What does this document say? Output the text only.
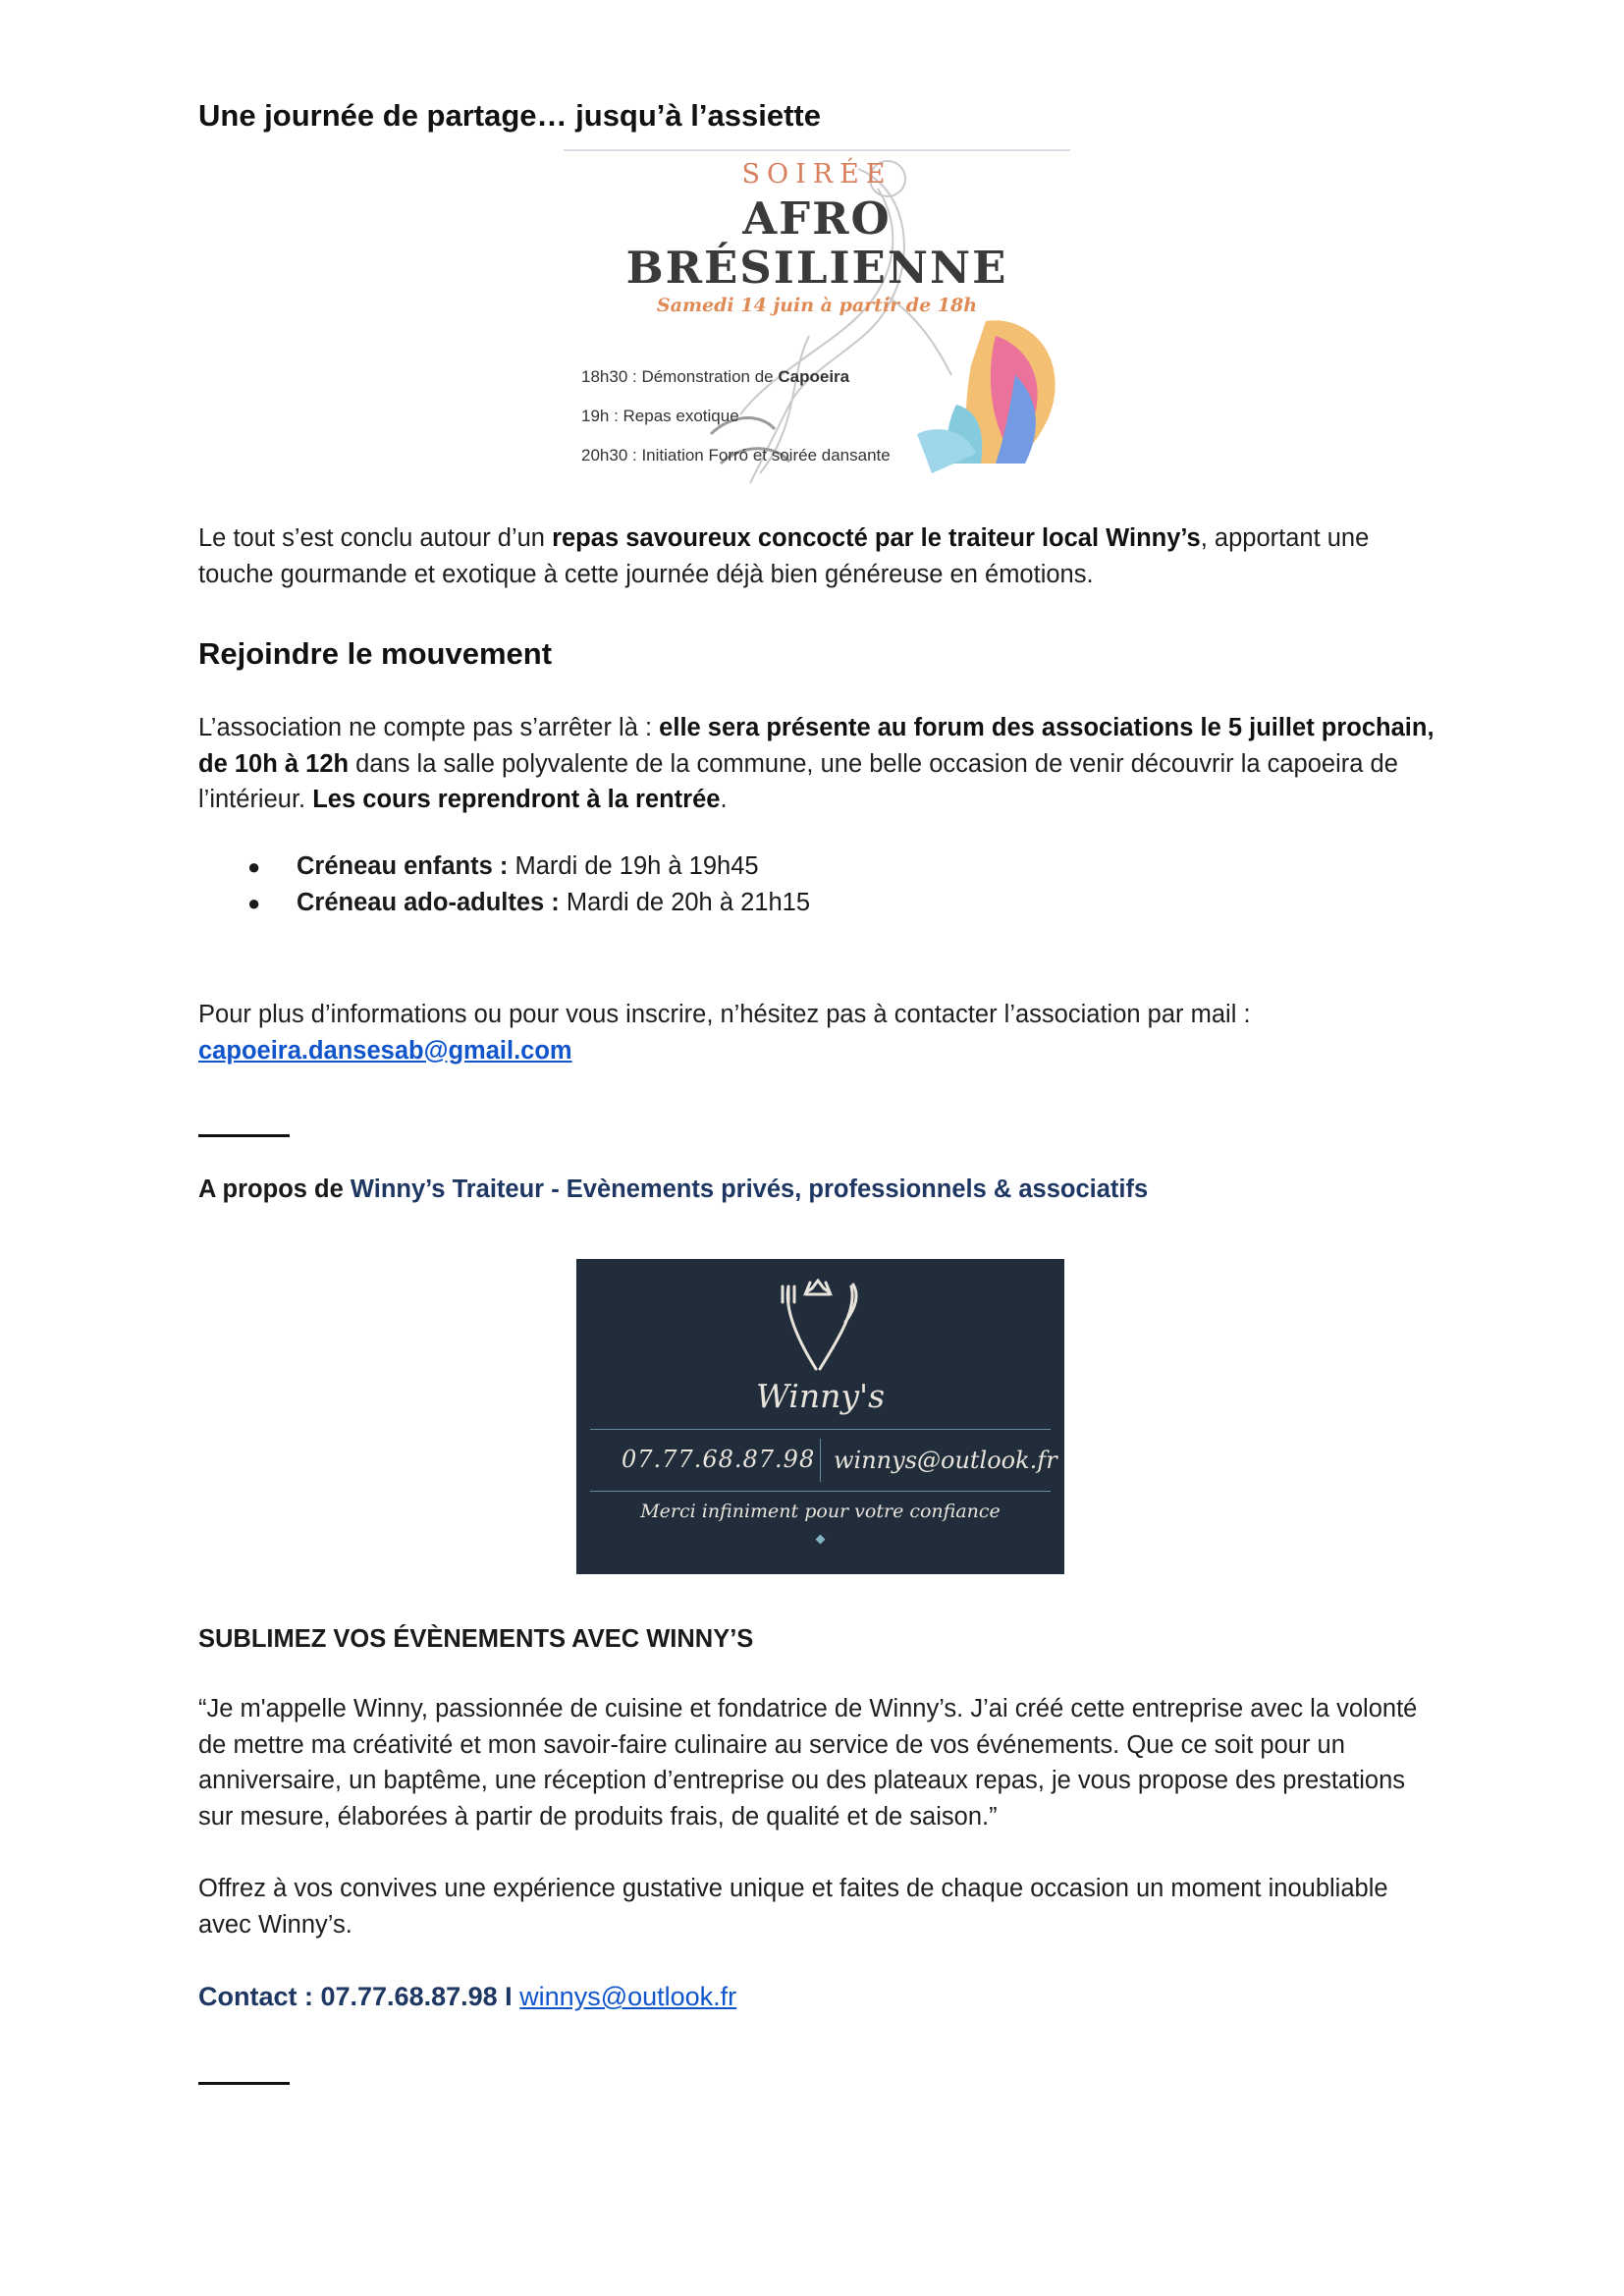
Une journée de partage… jusqu’à l’assiette
SOIRÉE
AFRO
BRÉSILIENNE
Samedi 14 juin à partir de 18h
18h30 : Démonstration de Capoeira
19h : Repas exotique
20h30 : Initiation Forró et soirée dansante
Le tout s’est conclu autour d’un repas savoureux concocté par le traiteur local Winny’s, apportant une touche gourmande et exotique à cette journée déjà bien généreuse en émotions.
Rejoindre le mouvement
L’association ne compte pas s’arrêter là : elle sera présente au forum des associations le 5 juillet prochain, de 10h à 12h dans la salle polyvalente de la commune, une belle occasion de venir découvrir la capoeira de l’intérieur. Les cours reprendront à la rentrée.
● Créneau enfants : Mardi de 19h à 19h45
● Créneau ado-adultes : Mardi de 20h à 21h15
Pour plus d’informations ou pour vous inscrire, n’hésitez pas à contacter l’association par mail :
capoeira.dansesab@gmail.com
A propos de Winny’s Traiteur - Evènements privés, professionnels & associatifs
Winny's
07.77.68.87.98 winnys@outlook.fr
Merci infiniment pour votre confiance
SUBLIMEZ VOS ÉVÈNEMENTS AVEC WINNY’S
“Je m'appelle Winny, passionnée de cuisine et fondatrice de Winny’s. J’ai créé cette entreprise avec la volonté de mettre ma créativité et mon savoir-faire culinaire au service de vos événements. Que ce soit pour un anniversaire, un baptême, une réception d’entreprise ou des plateaux repas, je vous propose des prestations sur mesure, élaborées à partir de produits frais, de qualité et de saison.”
Offrez à vos convives une expérience gustative unique et faites de chaque occasion un moment inoubliable avec Winny’s.
Contact : 07.77.68.87.98 I winnys@outlook.fr
